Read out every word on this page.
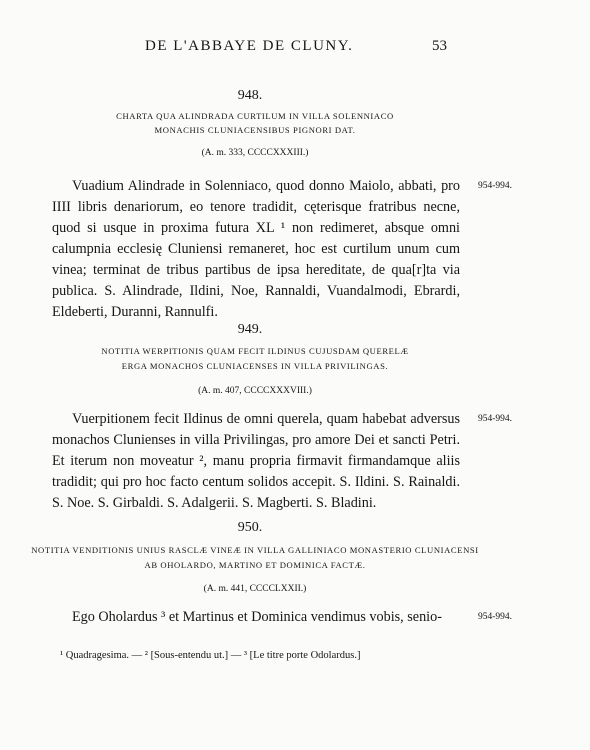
DE L'ABBAYE DE CLUNY.	53
948.
CHARTA QUA ALINDRADA CURTILUM IN VILLA SOLENNIACO
MONACHIS CLUNIACENSIBUS PIGNORI DAT.
(A. m. 333, CCCCXXXIII.)

Vuadium Alindrade in Solenniaco, quod donno Maiolo, abbati, pro IIII libris denariorum, eo tenore tradidit, cęterisque fratribus necne, quod si usque in proxima futura XL ¹ non redimeret, absque omni calumpnia ecclesię Cluniensi remaneret, hoc est curtilum unum cum vinea; terminat de tribus partibus de ipsa hereditate, de qua[r]ta via publica. S. Alindrade, Ildini, Noe, Rannaldi, Vuandalmodi, Ebrardi, Eldeberti, Duranni, Rannulfi.

954-994.
949.
NOTITIA WERPITIONIS QUAM FECIT ILDINUS CUJUSDAM QUERELÆ
ERGA MONACHOS CLUNIACENSES IN VILLA PRIVILINGAS.
(A. m. 407, CCCCXXXVIII.)

Vuerpitionem fecit Ildinus de omni querela, quam habebat adversus monachos Clunienses in villa Privilingas, pro amore Dei et sancti Petri. Et iterum non moveatur ², manu propria firmavit firmandamque aliis tradidit; qui pro hoc facto centum solidos accepit. S. Ildini. S. Rainaldi. S. Noe. S. Girbaldi. S. Adalgerii. S. Magberti. S. Bladini.

954-994.
950.
NOTITIA VENDITIONIS UNIUS RASCLÆ VINEÆ IN VILLA GALLINIACO MONASTERIO CLUNIACENSI
AB OHOLARDO, MARTINO ET DOMINICA FACTÆ.
(A. m. 441, CCCCLXXII.)

Ego Oholardus ³ et Martinus et Dominica vendimus vobis, senio-	954-994.
¹ Quadragesima. — ² [Sous-entendu ut.] — ³ [Le titre porte Odolardus.]
